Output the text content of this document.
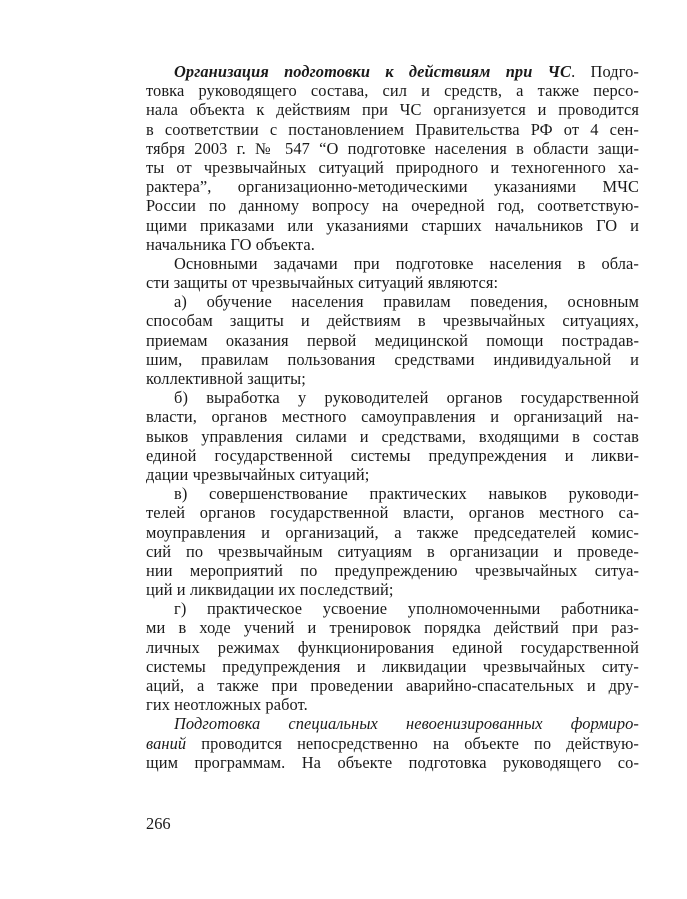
Организация подготовки к действиям при ЧС. Подго-
товка руководящего состава, сил и средств, а также персо-
нала объекта к действиям при ЧС организуется и проводится
в соответствии с постановлением Правительства РФ от 4 сен-
тября 2003 г. № 547 “О подготовке населения в области защи-
ты от чрезвычайных ситуаций природного и техногенного ха-
рактера”, организационно-методическими указаниями МЧС
России по данному вопросу на очередной год, соответствую-
щими приказами или указаниями старших начальников ГО и
начальника ГО объекта.

Основными задачами при подготовке населения в обла-
сти защиты от чрезвычайных ситуаций являются:

а) обучение населения правилам поведения, основным
способам защиты и действиям в чрезвычайных ситуациях,
приемам оказания первой медицинской помощи пострадав-
шим, правилам пользования средствами индивидуальной и
коллективной защиты;

б) выработка у руководителей органов государственной
власти, органов местного самоуправления и организаций на-
выков управления силами и средствами, входящими в состав
единой государственной системы предупреждения и ликви-
дации чрезвычайных ситуаций;

в) совершенствование практических навыков руководи-
телей органов государственной власти, органов местного са-
моуправления и организаций, а также председателей комис-
сий по чрезвычайным ситуациям в организации и проведе-
нии мероприятий по предупреждению чрезвычайных ситуа-
ций и ликвидации их последствий;

г) практическое усвоение уполномоченными работника-
ми в ходе учений и тренировок порядка действий при раз-
личных режимах функционирования единой государственной
системы предупреждения и ликвидации чрезвычайных ситу-
аций, а также при проведении аварийно-спасательных и дру-
гих неотложных работ.

Подготовка специальных невоенизированных формиро-
ваний проводится непосредственно на объекте по действую-
щим программам. На объекте подготовка руководящего со-

266
